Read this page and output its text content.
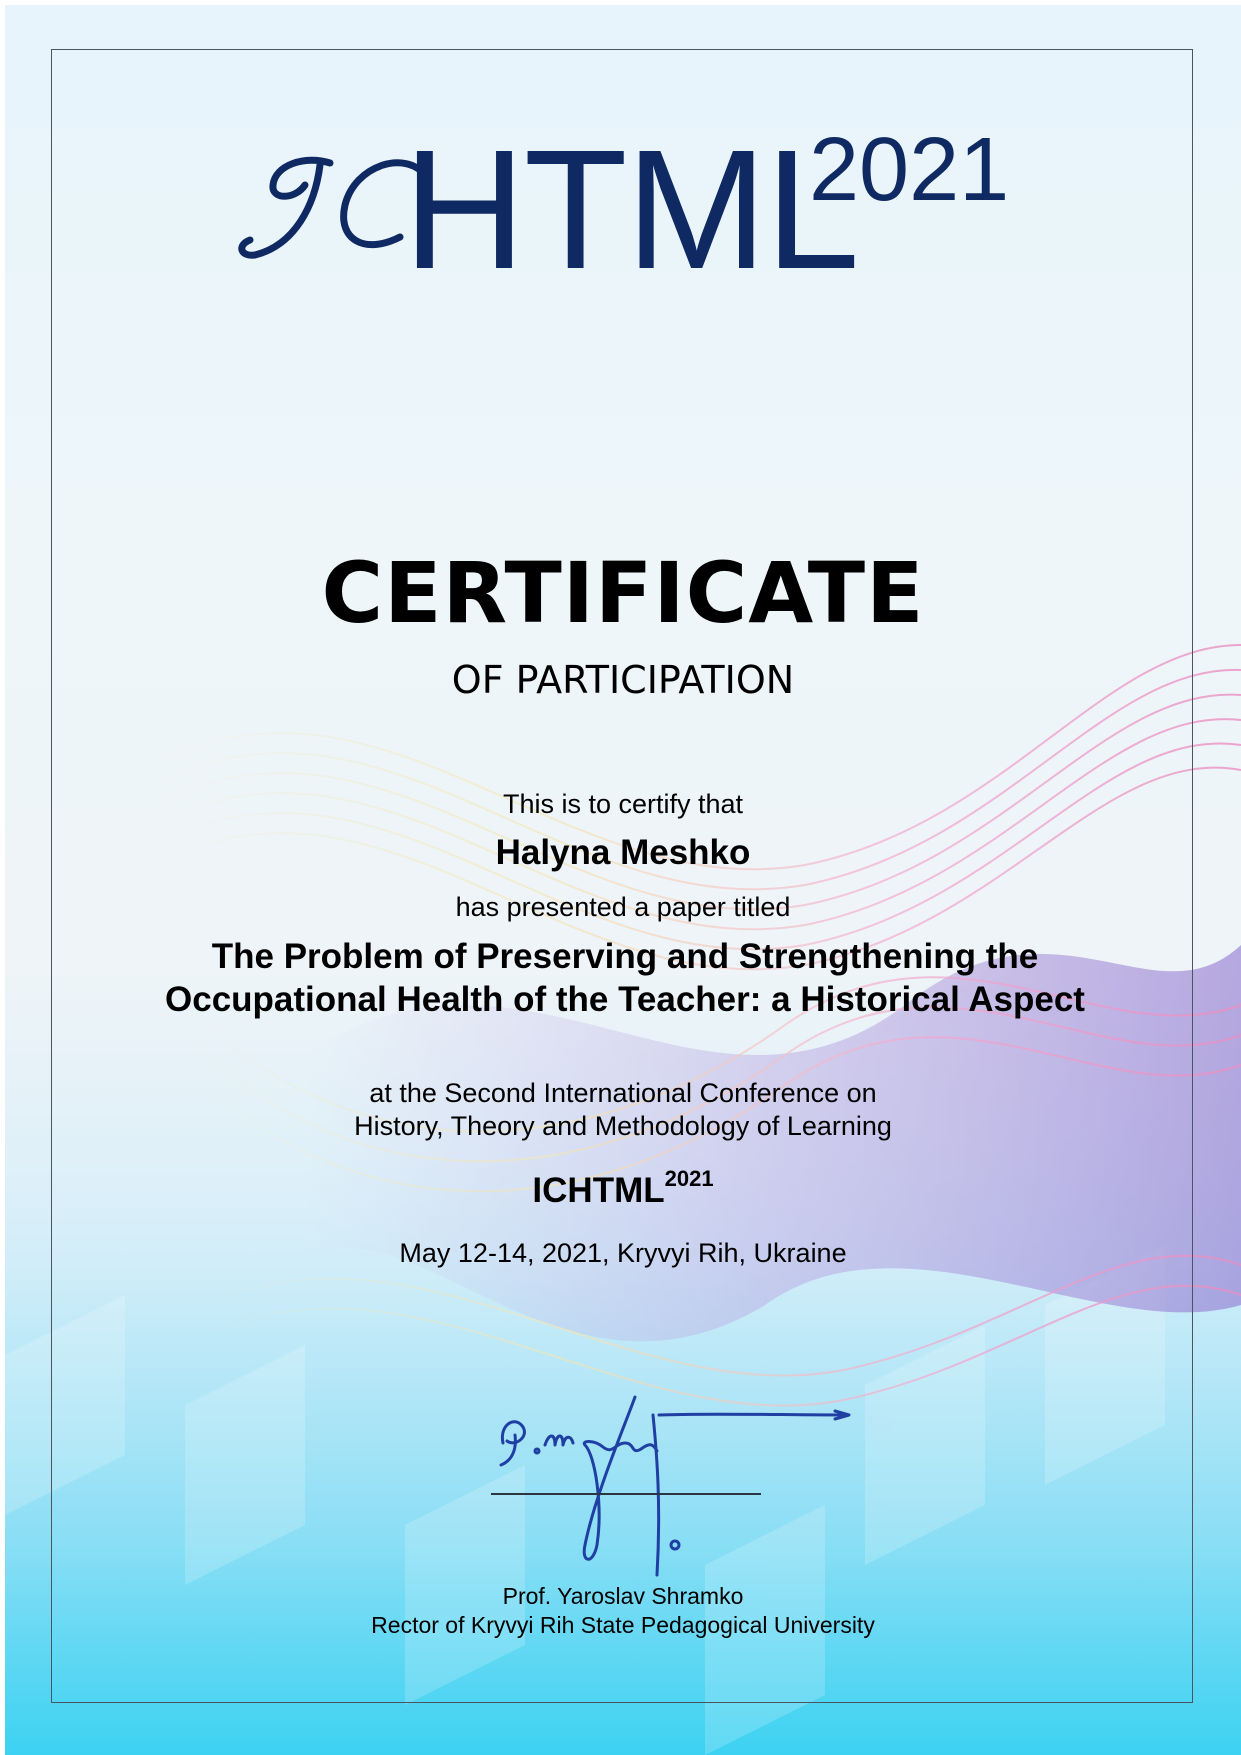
HTML
2021
CERTIFICATE
OF PARTICIPATION
This is to certify that
Halyna Meshko
has presented a paper titled
The Problem of Preserving and Strengthening the Occupational Health of the Teacher: a Historical Aspect
at the Second International Conference on
History, Theory and Methodology of Learning
$ICHTML^{2021}$
May 12-14, 2021, Kryvyi Rih, Ukraine
Prof. Yaroslav Shramko
Rector of Kryvyi Rih State Pedagogical University
